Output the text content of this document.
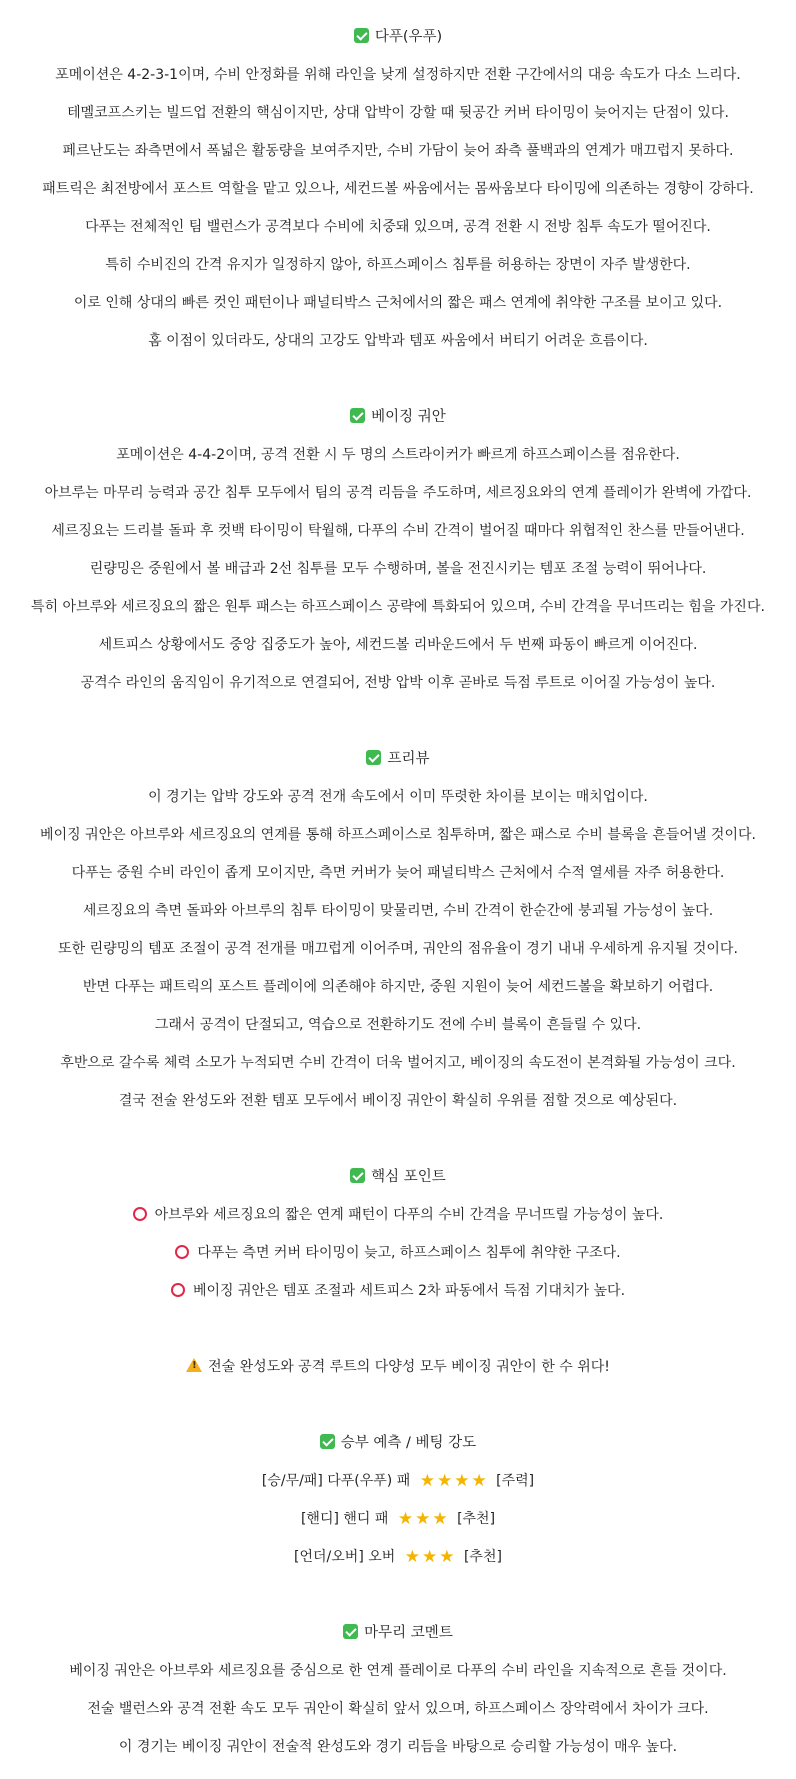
다푸(우푸)
포메이션은 4-2-3-1이며, 수비 안정화를 위해 라인을 낮게 설정하지만 전환 구간에서의 대응 속도가 다소 느리다.
테멜코프스키는 빌드업 전환의 핵심이지만, 상대 압박이 강할 때 뒷공간 커버 타이밍이 늦어지는 단점이 있다.
페르난도는 좌측면에서 폭넓은 활동량을 보여주지만, 수비 가담이 늦어 좌측 풀백과의 연계가 매끄럽지 못하다.
패트릭은 최전방에서 포스트 역할을 맡고 있으나, 세컨드볼 싸움에서는 몸싸움보다 타이밍에 의존하는 경향이 강하다.
다푸는 전체적인 팀 밸런스가 공격보다 수비에 치중돼 있으며, 공격 전환 시 전방 침투 속도가 떨어진다.
특히 수비진의 간격 유지가 일정하지 않아, 하프스페이스 침투를 허용하는 장면이 자주 발생한다.
이로 인해 상대의 빠른 컷인 패턴이나 패널티박스 근처에서의 짧은 패스 연계에 취약한 구조를 보이고 있다.
홈 이점이 있더라도, 상대의 고강도 압박과 템포 싸움에서 버티기 어려운 흐름이다.
베이징 궈안
포메이션은 4-4-2이며, 공격 전환 시 두 명의 스트라이커가 빠르게 하프스페이스를 점유한다.
아브루는 마무리 능력과 공간 침투 모두에서 팀의 공격 리듬을 주도하며, 세르징요와의 연계 플레이가 완벽에 가깝다.
세르징요는 드리블 돌파 후 컷백 타이밍이 탁월해, 다푸의 수비 간격이 벌어질 때마다 위협적인 찬스를 만들어낸다.
린량밍은 중원에서 볼 배급과 2선 침투를 모두 수행하며, 볼을 전진시키는 템포 조절 능력이 뛰어나다.
특히 아브루와 세르징요의 짧은 원투 패스는 하프스페이스 공략에 특화되어 있으며, 수비 간격을 무너뜨리는 힘을 가진다.
세트피스 상황에서도 중앙 집중도가 높아, 세컨드볼 리바운드에서 두 번째 파동이 빠르게 이어진다.
공격수 라인의 움직임이 유기적으로 연결되어, 전방 압박 이후 곧바로 득점 루트로 이어질 가능성이 높다.
프리뷰
이 경기는 압박 강도와 공격 전개 속도에서 이미 뚜렷한 차이를 보이는 매치업이다.
베이징 궈안은 아브루와 세르징요의 연계를 통해 하프스페이스로 침투하며, 짧은 패스로 수비 블록을 흔들어낼 것이다.
다푸는 중원 수비 라인이 좁게 모이지만, 측면 커버가 늦어 패널티박스 근처에서 수적 열세를 자주 허용한다.
세르징요의 측면 돌파와 아브루의 침투 타이밍이 맞물리면, 수비 간격이 한순간에 붕괴될 가능성이 높다.
또한 린량밍의 템포 조절이 공격 전개를 매끄럽게 이어주며, 궈안의 점유율이 경기 내내 우세하게 유지될 것이다.
반면 다푸는 패트릭의 포스트 플레이에 의존해야 하지만, 중원 지원이 늦어 세컨드볼을 확보하기 어렵다.
그래서 공격이 단절되고, 역습으로 전환하기도 전에 수비 블록이 흔들릴 수 있다.
후반으로 갈수록 체력 소모가 누적되면 수비 간격이 더욱 벌어지고, 베이징의 속도전이 본격화될 가능성이 크다.
결국 전술 완성도와 전환 템포 모두에서 베이징 궈안이 확실히 우위를 점할 것으로 예상된다.
핵심 포인트
아브루와 세르징요의 짧은 연계 패턴이 다푸의 수비 간격을 무너뜨릴 가능성이 높다.
다푸는 측면 커버 타이밍이 늦고, 하프스페이스 침투에 취약한 구조다.
베이징 궈안은 템포 조절과 세트피스 2차 파동에서 득점 기대치가 높다.
!전술 완성도와 공격 루트의 다양성 모두 베이징 궈안이 한 수 위다!
승부 예측 / 베팅 강도
[승/무/패] 다푸(우푸) 패 ★ ★ ★ ★ [주력]
[핸디] 핸디 패 ★ ★ ★ [추천]
[언더/오버] 오버 ★ ★ ★ [추천]
마무리 코멘트
베이징 궈안은 아브루와 세르징요를 중심으로 한 연계 플레이로 다푸의 수비 라인을 지속적으로 흔들 것이다.
전술 밸런스와 공격 전환 속도 모두 궈안이 확실히 앞서 있으며, 하프스페이스 장악력에서 차이가 크다.
이 경기는 베이징 궈안이 전술적 완성도와 경기 리듬을 바탕으로 승리할 가능성이 매우 높다.
